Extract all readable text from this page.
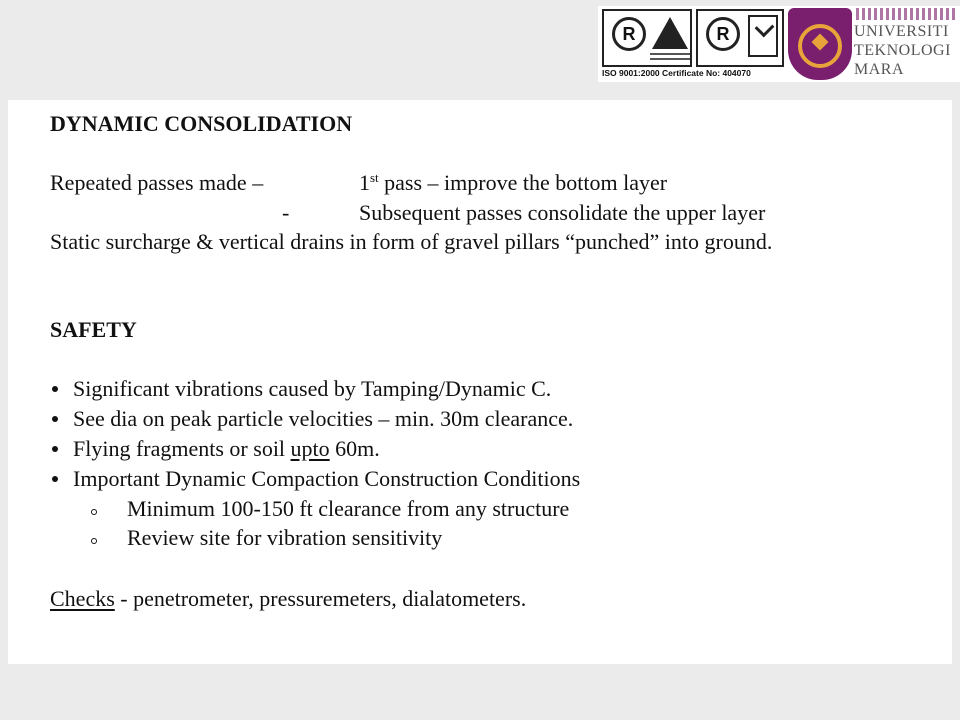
R	R
ISO 9001:2000 Certificate No: 404070
UNIVERSITI
TEKNOLOGI
MARA
DYNAMIC CONSOLIDATION
Repeated passes made –	1st pass – improve the bottom layer
-	Subsequent passes consolidate the upper layer
Static surcharge & vertical drains in form of gravel pillars “punched” into ground.
SAFETY
Significant vibrations caused by Tamping/Dynamic C.
See dia on peak particle velocities – min. 30m clearance.
Flying fragments or soil upto 60m.
Important Dynamic Compaction Construction Conditions
Minimum 100-150 ft clearance from any structure
Review site for vibration sensitivity
Checks - penetrometer, pressuremeters, dialatometers.
